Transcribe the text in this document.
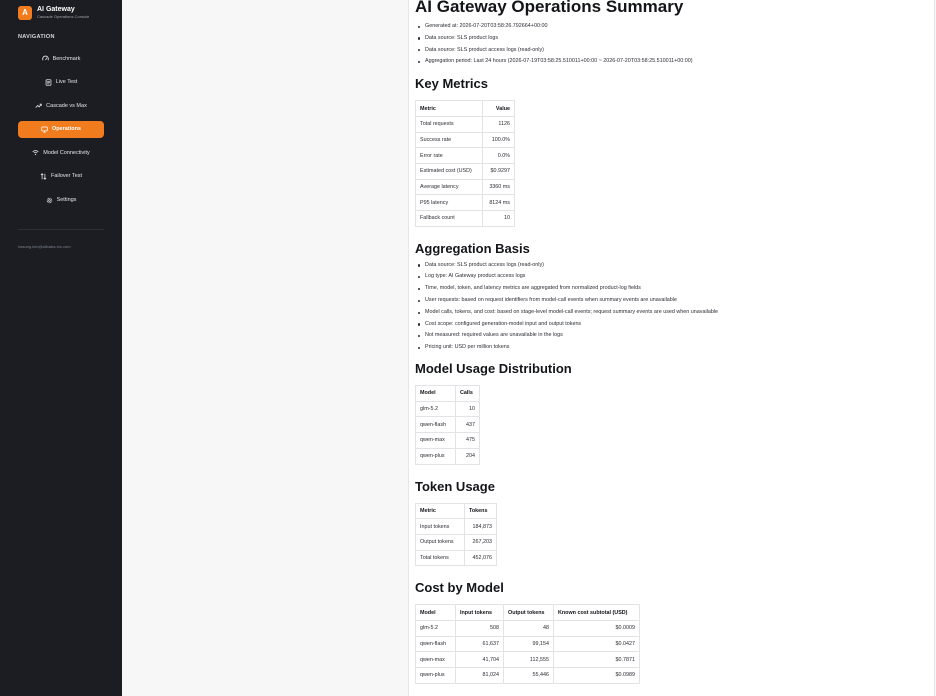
A	AI Gateway
Cascade Operations Console
NAVIGATION
Benchmark
Live Test
Cascade vs Max
Operations
Model Connectivity
Failover Test
Settings
hasung.kim@alibaba-inc.com
AI Gateway Operations Summary
Generated at: 2026-07-20T03:58:26.792664+00:00
Data source: SLS product logs
Data source: SLS product access logs (read-only)
Aggregation period: Last 24 hours (2026-07-19T03:58:25.510011+00:00 ~ 2026-07-20T03:58:25.510011+00:00)
Key Metrics
Metric	Value
Total requests	1126
Success rate	100.0%
Error rate	0.0%
Estimated cost (USD)	$0.9297
Average latency	3360 ms
P95 latency	8124 ms
Fallback count	10
Aggregation Basis
Data source: SLS product access logs (read-only)
Log type: AI Gateway product access logs
Time, model, token, and latency metrics are aggregated from normalized product-log fields
User requests: based on request identifiers from model-call events when summary events are unavailable
Model calls, tokens, and cost: based on stage-level model-call events; request summary events are used when unavailable
Cost scope: configured generation-model input and output tokens
Not measured: required values are unavailable in the logs
Pricing unit: USD per million tokens
Model Usage Distribution
Model	Calls
glm-5.2	10
qwen-flash	437
qwen-max	475
qwen-plus	204
Token Usage
Metric	Tokens
Input tokens	184,873
Output tokens	267,203
Total tokens	452,076
Cost by Model
Model	Input tokens	Output tokens	Known cost subtotal (USD)
glm-5.2	508	48	$0.0009
qwen-flash	61,637	99,154	$0.0427
qwen-max	41,704	112,555	$0.7871
qwen-plus	81,024	55,446	$0.0989
